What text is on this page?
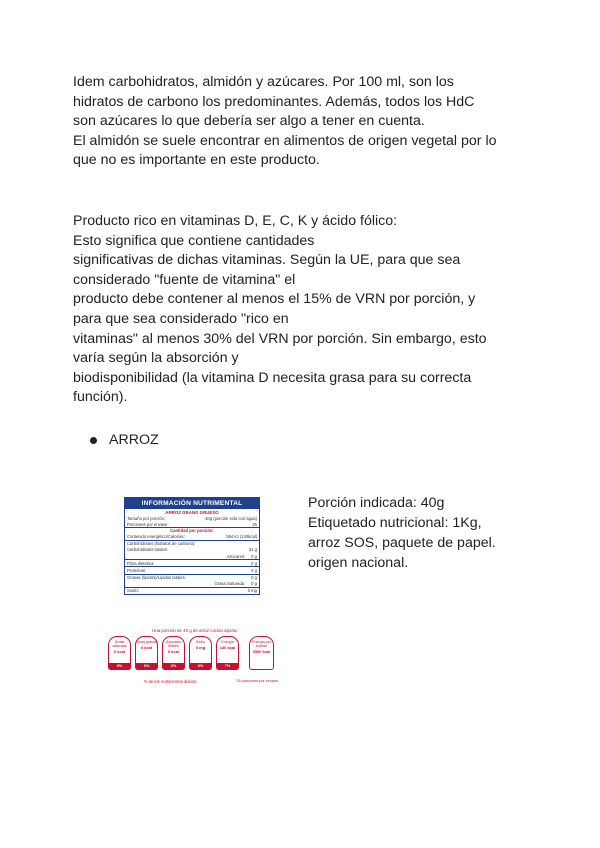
Idem carbohidratos, almidón y azúcares. Por 100 ml, son los
hidratos de carbono los predominantes. Además, todos los HdC
son azúcares lo que debería ser algo a tener en cuenta.
El almidón se suele encontrar en alimentos de origen vegetal por lo
que no es importante en este producto.

Producto rico en vitaminas D, E, C, K y ácido fólico:
Esto significa que contiene cantidades
significativas de dichas vitaminas. Según la UE, para que sea
considerado "fuente de vitamina" el
producto debe contener al menos el 15% de VRN por porción, y
para que sea considerado "rico en
vitaminas" al menos 30% del VRN por porción. Sin embargo, esto
varía según la absorción y
biodisponibilidad (la vitamina D necesita grasa para su correcta
función).

ARROZ
INFORMACIÓN NUTRIMENTAL
ARROZ GRANO GRUESO
Tamaño por porción:	40g (porción sola con agua)
Porciones por envase:	25
Cantidad por porción:
Contenido energético/Calorías:	594 kJ (140kcal)
Carbohidratos (hidratos de carbono):
Carbohidratos totales:	31 g
Azúcares: 0 g
Fibra dietética:	0 g
Proteínas:	3 g
Grasas (lípidos)/Lípidos totales:	0 g
Grasa Saturada: 0 g
Sodio:	0 mg
Una porción de 40 g de arroz cocido aporta:
Grasa saturada
0 kcal
0%
Otras grasas
0 kcal
0%
Azúcares totales
0 kcal
0%
Sodio
0 mg
0%
Energía
140 kcal
7%
Energía por envase
3500 kcal
% de los nutrimentos diarios	25 porciones por envase
Porción indicada: 40g
Etiquetado nutricional: 1Kg,
arroz SOS, paquete de papel.
origen nacional.
